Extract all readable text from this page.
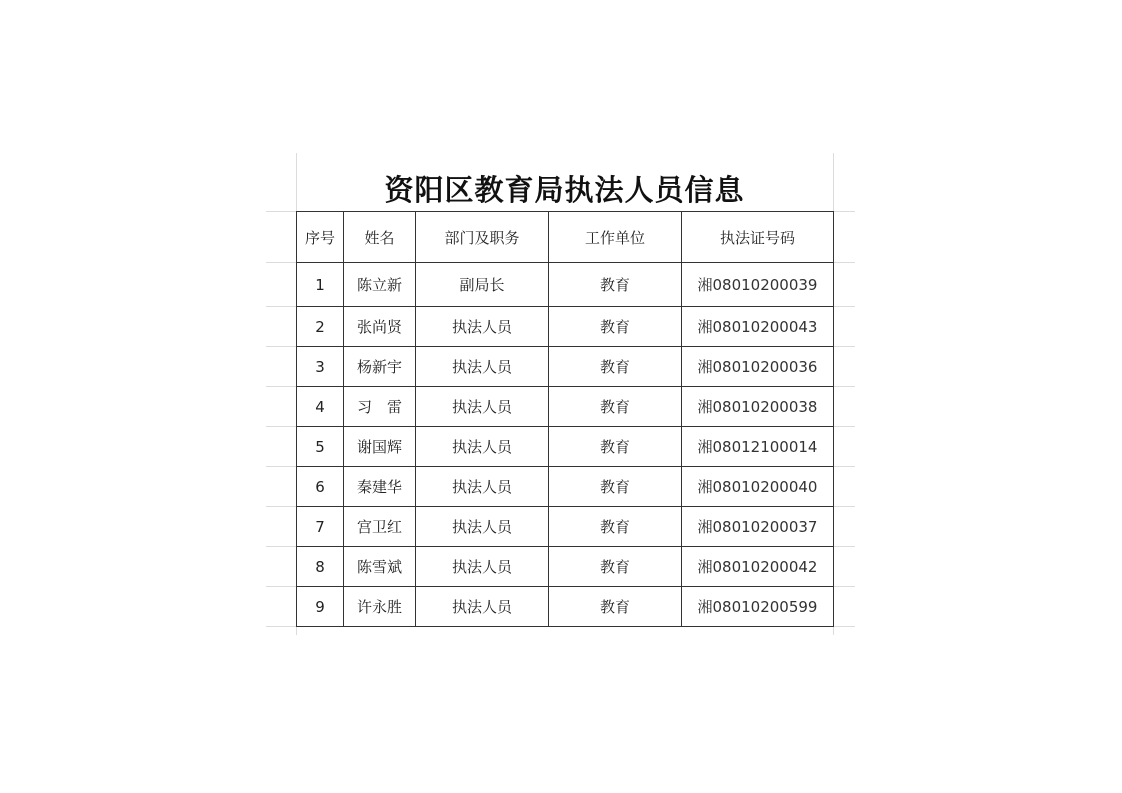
资阳区教育局执法人员信息
序号	姓名	部门及职务	工作单位	执法证号码
1	陈立新	副局长	教育	湘08010200039
2	张尚贤	执法人员	教育	湘08010200043
3	杨新宇	执法人员	教育	湘08010200036
4	习　雷	执法人员	教育	湘08010200038
5	谢国辉	执法人员	教育	湘08012100014
6	秦建华	执法人员	教育	湘08010200040
7	宫卫红	执法人员	教育	湘08010200037
8	陈雪斌	执法人员	教育	湘08010200042
9	许永胜	执法人员	教育	湘08010200599
